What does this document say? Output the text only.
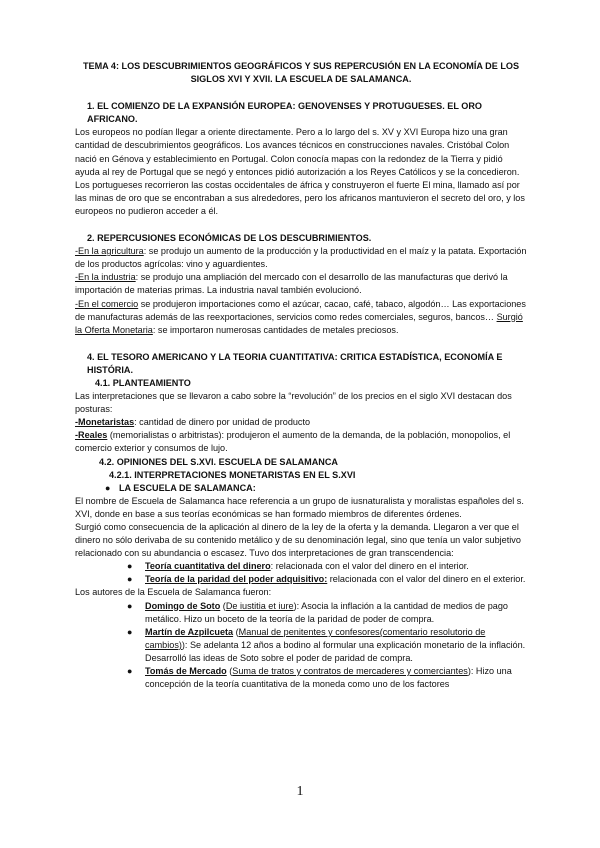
TEMA 4: LOS DESCUBRIMIENTOS GEOGRÁFICOS Y SUS REPERCUSIÓN EN LA ECONOMÍA DE LOS SIGLOS XVI Y XVII. LA ESCUELA DE SALAMANCA.

1. EL COMIENZO DE LA EXPANSIÓN EUROPEA: GENOVENSES Y PROTUGUESES. EL ORO AFRICANO.

Los europeos no podían llegar a oriente directamente. Pero a lo largo del s. XV y XVI Europa hizo una gran cantidad de descubrimientos geográficos. Los avances técnicos en construcciones navales. Cristóbal Colon nació en Génova y establecimiento en Portugal. Colon conocía mapas con la redondez de la Tierra y pidió ayuda al rey de Portugal que se negó y entonces pidió autorización a los Reyes Católicos y se la concedieron.

Los portugueses recorrieron las costas occidentales de áfrica y construyeron el fuerte El mina, llamado así por las minas de oro que se encontraban a sus alrededores, pero los africanos mantuvieron el secreto del oro, y los europeos no pudieron acceder a él.

2. REPERCUSIONES ECONÓMICAS DE LOS DESCUBRIMIENTOS.

-En la agricultura: se produjo un aumento de la producción y la productividad en el maíz y la patata. Exportación de los productos agrícolas: vino y aguardientes.

-En la industria: se produjo una ampliación del mercado con el desarrollo de las manufacturas que derivó la importación de materias primas. La industria naval también evolucionó.

-En el comercio se produjeron importaciones como el azúcar, cacao, café, tabaco, algodón… Las exportaciones de manufacturas además de las reexportaciones, servicios como redes comerciales, seguros, bancos… Surgió la Oferta Monetaria: se importaron numerosas cantidades de metales preciosos.

4. EL TESORO AMERICANO Y LA TEORIA CUANTITATIVA: CRITICA ESTADÍSTICA, ECONOMÍA E HISTÓRIA.

4.1. PLANTEAMIENTO

Las interpretaciones que se llevaron a cabo sobre la “revolución” de los precios en el siglo XVI destacan dos posturas:

-Monetaristas: cantidad de dinero por unidad de producto

-Reales (memorialistas o arbitristas): produjeron el aumento de la demanda, de la población, monopolios, el comercio exterior y consumos de lujo.

4.2. OPINIONES DEL S.XVI. ESCUELA DE SALAMANCA

4.2.1. INTERPRETACIONES MONETARISTAS EN EL S.XVI

● LA ESCUELA DE SALAMANCA:

El nombre de Escuela de Salamanca hace referencia a un grupo de iusnaturalista y moralistas españoles del s. XVI, donde en base a sus teorías económicas se han formado miembros de diferentes órdenes.

Surgió como consecuencia de la aplicación al dinero de la ley de la oferta y la demanda. Llegaron a ver que el dinero no sólo derivaba de su contenido metálico y de su denominación legal, sino que tenía un valor subjetivo relacionado con su abundancia o escasez. Tuvo dos interpretaciones de gran transcendencia:

● Teoría cuantitativa del dinero: relacionada con el valor del dinero en el interior.
● Teoría de la paridad del poder adquisitivo: relacionada con el valor del dinero en el exterior.

Los autores de la Escuela de Salamanca fueron:

● Domingo de Soto (De iustitia et iure): Asocia la inflación a la cantidad de medios de pago metálico. Hizo un boceto de la teoría de la paridad de poder de compra.
● Martín de Azpilcueta (Manual de penitentes y confesores(comentario resolutorio de cambios)): Se adelanta 12 años a bodino al formular una explicación monetario de la inflación. Desarrolló las ideas de Soto sobre el poder de paridad de compra.
● Tomás de Mercado (Suma de tratos y contratos de mercaderes y comerciantes): Hizo una concepción de la teoría cuantitativa de la moneda como uno de los factores
1
